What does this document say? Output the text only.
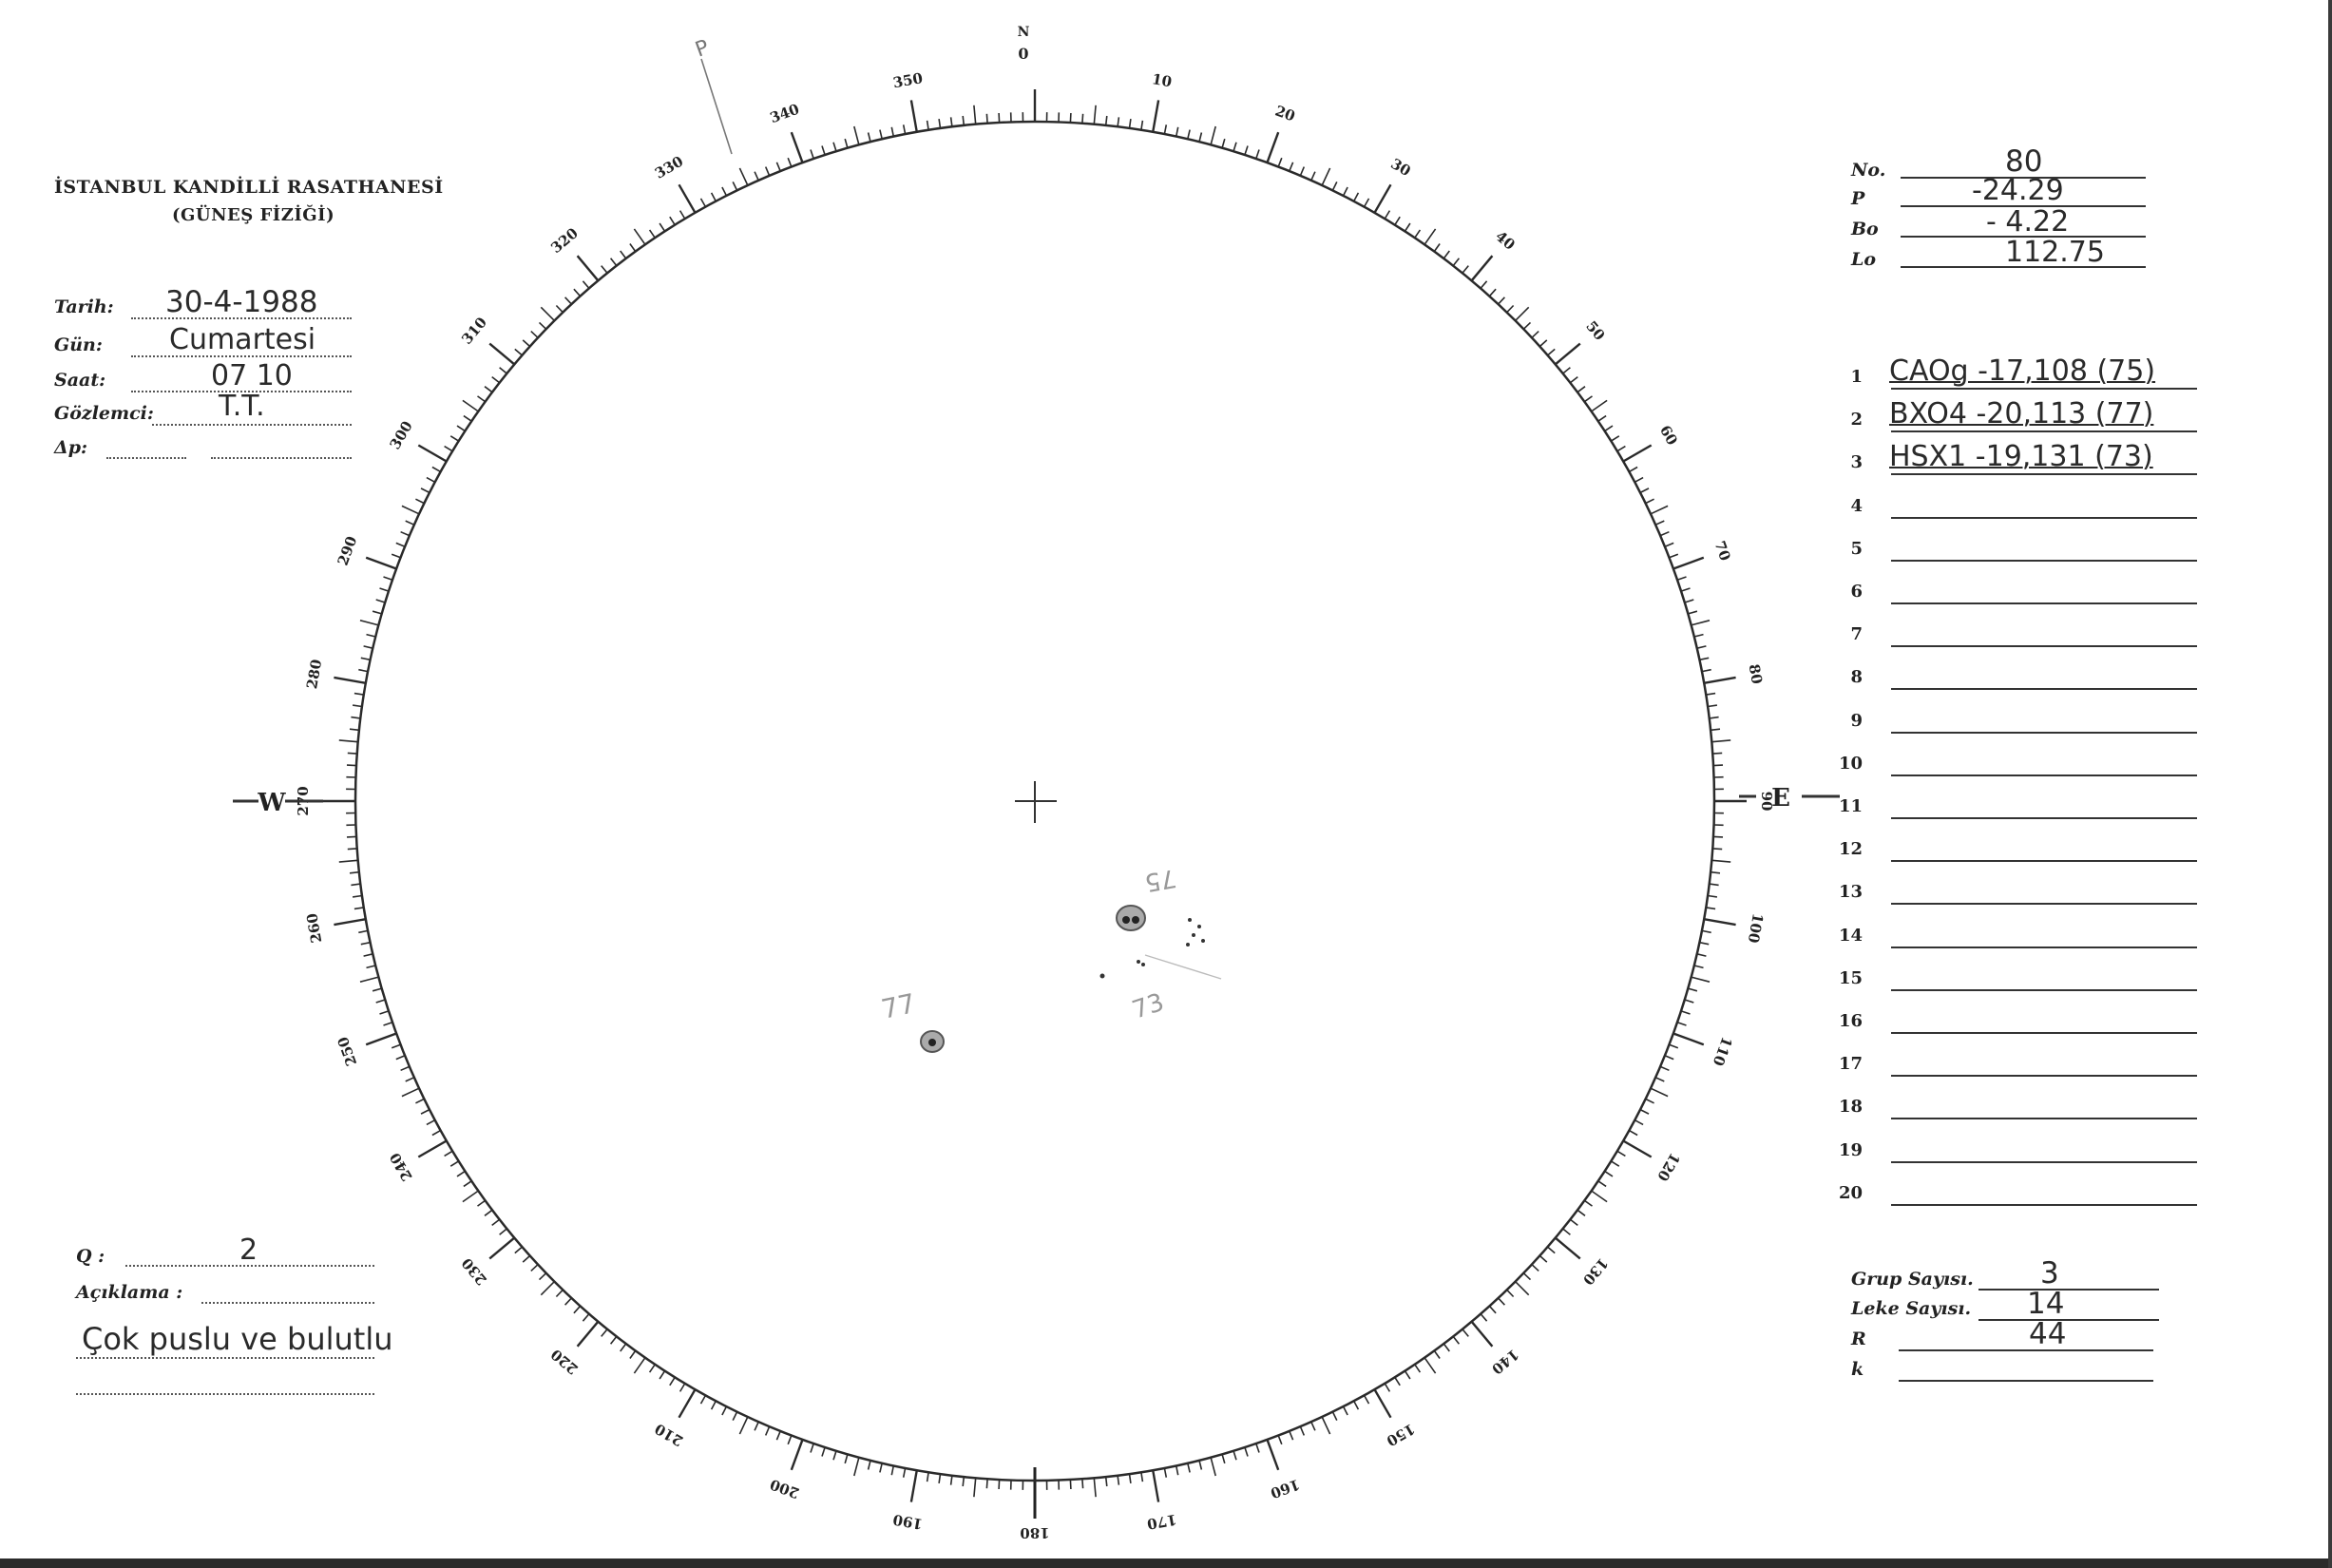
10
20
30
40
50
60
70
80
90
100
110
120
130
140
150
160
170
180
190
200
210
220
230
240
250
260
270
280
290
300
310
320
330
340
350
W	E
N
0
P
75
73
77
İSTANBUL KANDİLLİ RASATHANESİ
(GÜNEŞ FİZİĞİ)
Tarih: 30-4-1988
Gün: Cumartesi
Saat:	07 10
Gözlemci: T.T.
Δp:
No.	80
P	-24.29
Bo	- 4.22
Lo	112.75
1 CAOg -17,108 (75)
2 BXO4 -20,113 (77)
3 HSX1 -19,131 (73)
4
5
6
7
8
9
10
11
12
13
14
15
16
17
18
19
20
Grup Sayısı. 3
Leke Sayısı. 14
R	44
k
Q :	2
Açıklama :
Çok puslu ve bulutlu
